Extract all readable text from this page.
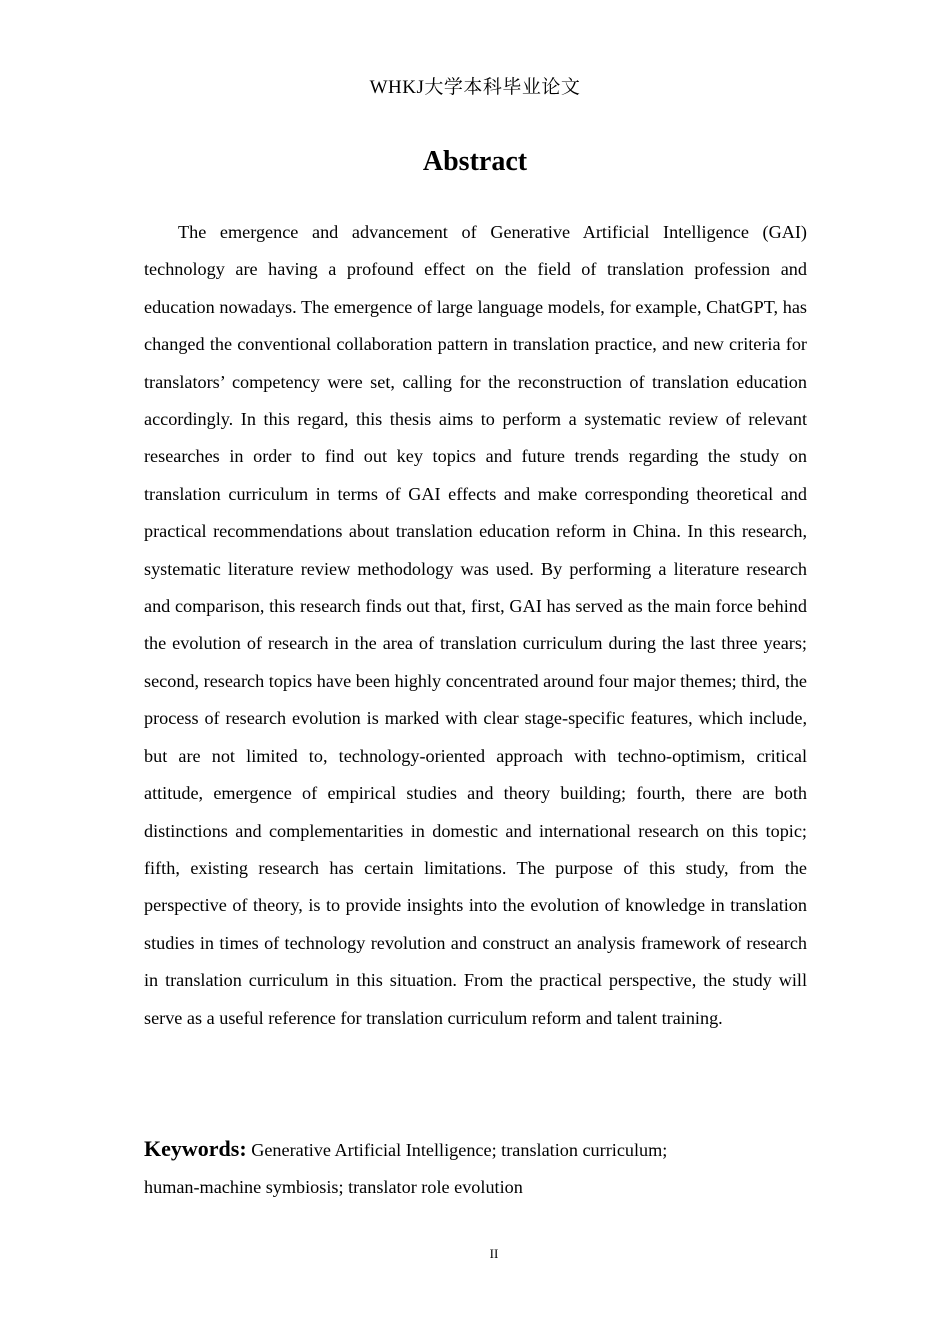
WHKJ大学本科毕业论文
Abstract

The emergence and advancement of Generative Artificial Intelligence (GAI) technology are having a profound effect on the field of translation profession and education nowadays. The emergence of large language models, for example, ChatGPT, has changed the conventional collaboration pattern in translation practice, and new criteria for translators’ competency were set, calling for the reconstruction of translation education accordingly. In this regard, this thesis aims to perform a systematic review of relevant researches in order to find out key topics and future trends regarding the study on translation curriculum in terms of GAI effects and make corresponding theoretical and practical recommendations about translation education reform in China. In this research, systematic literature review methodology was used. By performing a literature research and comparison, this research finds out that, first, GAI has served as the main force behind the evolution of research in the area of translation curriculum during the last three years; second, research topics have been highly concentrated around four major themes; third, the process of research evolution is marked with clear stage-specific features, which include, but are not limited to, technology-oriented approach with techno-optimism, critical attitude, emergence of empirical studies and theory building; fourth, there are both distinctions and complementarities in domestic and international research on this topic; fifth, existing research has certain limitations. The purpose of this study, from the perspective of theory, is to provide insights into the evolution of knowledge in translation studies in times of technology revolution and construct an analysis framework of research in translation curriculum in this situation. From the practical perspective, the study will serve as a useful reference for translation curriculum reform and talent training.

Keywords: Generative Artificial Intelligence; translation curriculum;
human-machine symbiosis; translator role evolution

II
